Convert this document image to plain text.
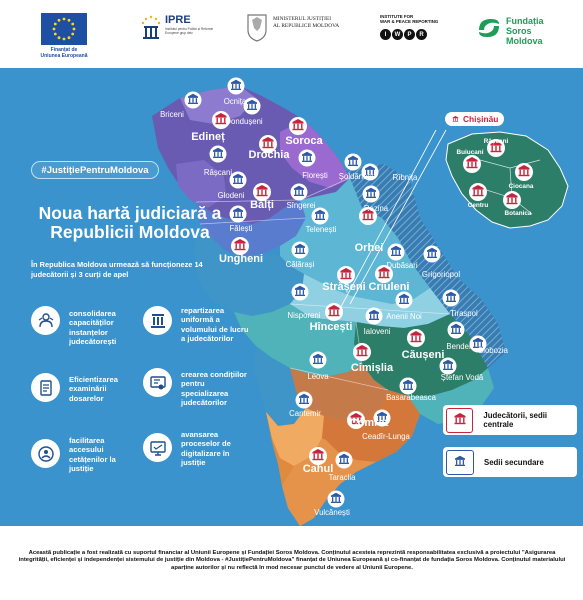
Finanțat de
Uniunea Europeană
IPRE
Institutul pentru Politici și Reforme Europene grup deic
MINISTERUL JUSTIȚIEI
AL REPUBLICII MOLDOVA
INSTITUTE FOR
WAR & PEACE REPORTING
I	W	P	R
Fundația
Soros
Moldova
Ocnița
Briceni
Dondușeni
Râșcani	Florești Șoldănești Rîbnița
Glodeni
Sîngerei
Fălești
Rezina
Telenești
Dubăsari
Călărași
Grigoriopol
Nisporeni	Anenii Noi	Tiraspol
Ialoveni
Bender Slobozia
Leova	Ștefan Vodă
Basarabeasca
Cantemir
Ceadîr-Lunga
Taraclia
Vulcănești
Edineț	Soroca
Drochia
Bălți
Orhei
Ungheni
Strășeni Criuleni
Hîncești
Căușeni
Cimișlia
Comrat
Cahul
Râșcani
Buiucani
Ciocana
Centru
Botanica
Chișinău
#JustițiePentruMoldova
Noua hartă judiciară a Republicii Moldova
În Republica Moldova urmează să funcționeze 14 judecătorii și 3 curți de apel
consolidarea capacităților instanțelor judecătorești
repartizarea uniformă a volumului de lucru a judecătorilor
Eficientizarea examinării dosarelor
crearea condițiilor pentru specializarea judecătorilor
facilitarea accesului cetățenilor la justiție
avansarea proceselor de digitalizare în justiție
Judecătorii, sedii centrale
Sedii secundare
Această publicație a fost realizată cu suportul financiar al Uniunii Europene și Fundației Soros Moldova. Conținutul acesteia reprezintă responsabilitatea exclusivă a proiectului "Asigurarea integrității, eficienței și independenței sistemului de justiție din Moldova - #JustițiePentruMoldova" finanțat de Uniunea Europeană și co-finanțat de fundația Soros Moldova. Conținutul materialului aparține autorilor și nu reflectă în mod necesar punctul de vedere al Uniunii Europene.
